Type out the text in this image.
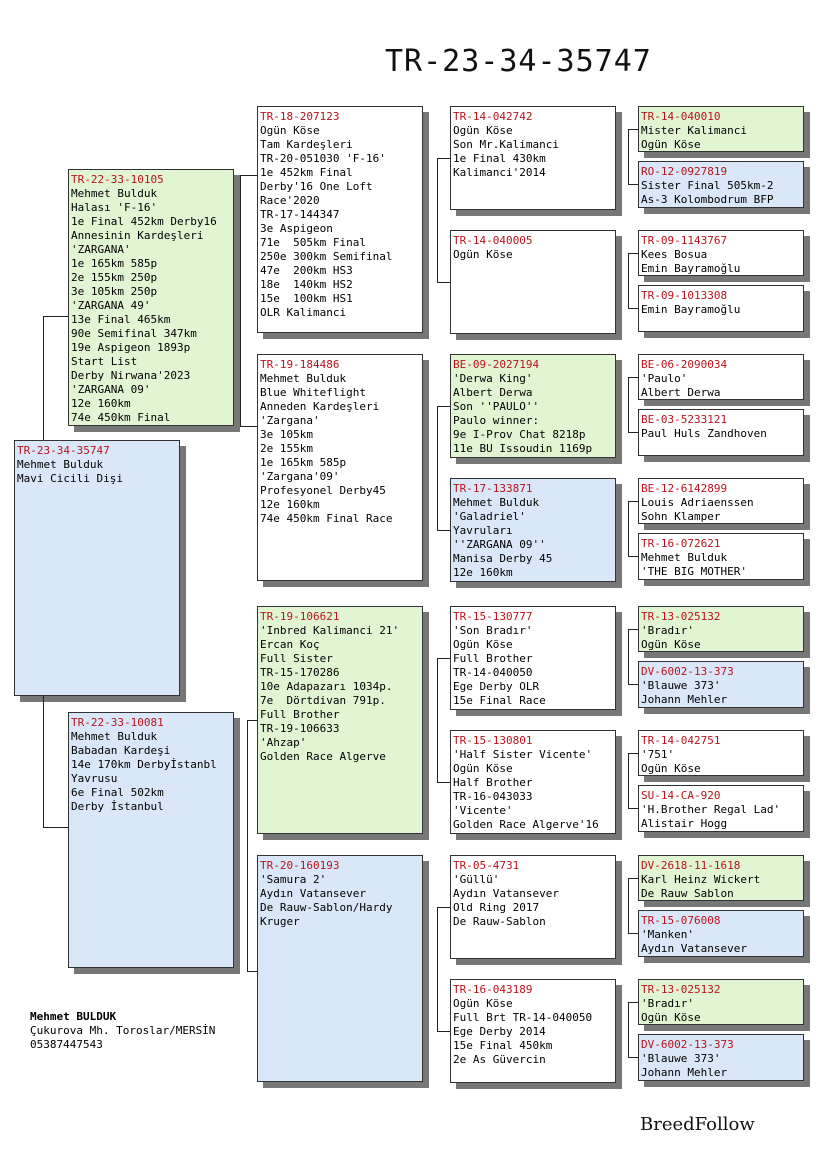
TR-23-34-35747
TR-23-34-35747
Mehmet Bulduk
Mavi Cicili Dişi
TR-22-33-10105
Mehmet Bulduk
Halası 'F-16'
1e Final 452km Derby16
Annesinin Kardeşleri
'ZARGANA'
1e 165km 585p
2e 155km 250p
3e 105km 250p
'ZARGANA 49'
13e Final 465km
90e Semifinal 347km
19e Aspigeon 1893p
Start List
Derby Nirwana'2023
'ZARGANA 09'
12e 160km
74e 450km Final
TR-22-33-10081
Mehmet Bulduk
Babadan Kardeşi
14e 170km Derbyİstanbl
Yavrusu
6e Final 502km
Derby İstanbul
TR-18-207123
Ogün Köse
Tam Kardeşleri
TR-20-051030 'F-16'
1e 452km Final
Derby'16 One Loft
Race'2020
TR-17-144347
3e Aspigeon
71e  505km Final
250e 300km Semifinal
47e  200km HS3
18e  140km HS2
15e  100km HS1
OLR Kalimanci
TR-19-184486
Mehmet Bulduk
Blue Whiteflight
Anneden Kardeşleri
'Zargana'
3e 105km
2e 155km
1e 165km 585p
'Zargana'09'
Profesyonel Derby45
12e 160km
74e 450km Final Race
TR-19-106621
'Inbred Kalimanci 21'
Ercan Koç
Full Sister
TR-15-170286
10e Adapazarı 1034p.
7e  Dörtdivan 791p.
Full Brother
TR-19-106633
'Ahzap'
Golden Race Algerve
TR-20-160193
'Samura 2'
Aydın Vatansever
De Rauw-Sablon/Hardy
Kruger
TR-14-042742
Ogün Köse
Son Mr.Kalimanci
1e Final 430km
Kalimanci'2014
TR-14-040005
Ogün Köse
BE-09-2027194
'Derwa King'
Albert Derwa
Son ''PAULO''
Paulo winner:
9e I-Prov Chat 8218p
11e BU Issoudin 1169p
TR-17-133871
Mehmet Bulduk
'Galadriel'
Yavruları
''ZARGANA 09''
Manisa Derby 45
12e 160km
TR-15-130777
'Son Bradır'
Ogün Köse
Full Brother
TR-14-040050
Ege Derby OLR
15e Final Race
TR-15-130801
'Half Sister Vicente'
Ogün Köse
Half Brother
TR-16-043033
'Vicente'
Golden Race Algerve'16
TR-05-4731
'Güllü'
Aydın Vatansever
Old Ring 2017
De Rauw-Sablon
TR-16-043189
Ogün Köse
Full Brt TR-14-040050
Ege Derby 2014
15e Final 450km
2e As Güvercin
TR-14-040010
Mister Kalimanci
Ogün Köse
RO-12-0927819
Sister Final 505km-2
As-3 Kolombodrum BFP
TR-09-1143767
Kees Bosua
Emin Bayramoğlu
TR-09-1013308
Emin Bayramoğlu
BE-06-2090034
'Paulo'
Albert Derwa
BE-03-5233121
Paul Huls Zandhoven
BE-12-6142899
Louis Adriaenssen
Sohn Klamper
TR-16-072621
Mehmet Bulduk
'THE BIG MOTHER'
TR-13-025132
'Bradır'
Ogün Köse
DV-6002-13-373
'Blauwe 373'
Johann Mehler
TR-14-042751
'751'
Ogün Köse
SU-14-CA-920
'H.Brother Regal Lad'
Alistair Hogg
DV-2618-11-1618
Karl Heinz Wickert
De Rauw Sablon
TR-15-076008
'Manken'
Aydın Vatansever
TR-13-025132
'Bradır'
Ogün Köse
DV-6002-13-373
'Blauwe 373'
Johann Mehler
Mehmet BULDUK
Çukurova Mh. Toroslar/MERSİN
05387447543
BreedFollow
